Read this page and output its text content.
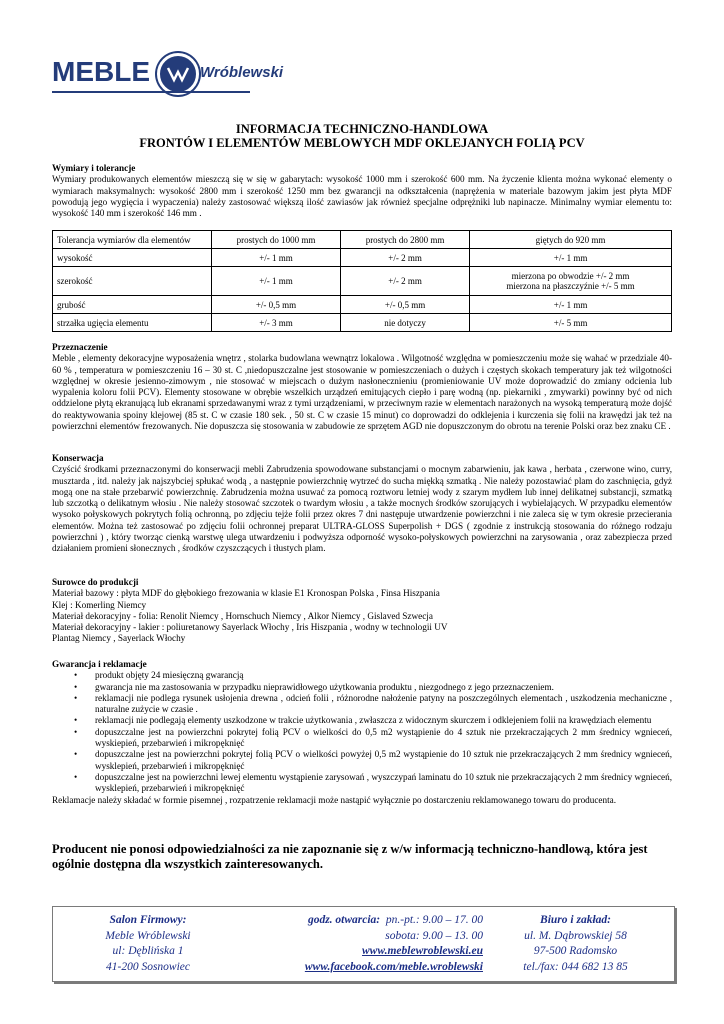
MEBLE	Wróblewski
INFORMACJA TECHNICZNO-HANDLOWA
FRONTÓW I ELEMENTÓW MEBLOWYCH MDF OKLEJANYCH FOLIĄ PCV
Wymiary i tolerancje
Wymiary produkowanych elementów mieszczą się w się w gabarytach: wysokość 1000 mm i szerokość 600 mm. Na życzenie klienta można wykonać elementy o wymiarach maksymalnych: wysokość 2800 mm i szerokość 1250 mm bez gwarancji na odkształcenia (naprężenia w materiale bazowym jakim jest płyta MDF powodują jego wygięcia i wypaczenia) należy zastosować większą ilość zawiasów jak również specjalne odprężniki lub napinacze. Minimalny wymiar elementu to: wysokość 140 mm i szerokość 146 mm .
Tolerancja wymiarów dla elementów	prostych do 1000 mm	prostych do 2800 mm	giętych do 920 mm
wysokość	+/- 1 mm	+/- 2 mm	+/- 1 mm
szerokość	+/- 1 mm	+/- 2 mm	mierzona po obwodzie +/- 2 mm
mierzona na płaszczyźnie +/- 5 mm

grubość	+/- 0,5 mm	+/- 0,5 mm	+/- 1 mm
strzałka ugięcia elementu	+/- 3 mm	nie dotyczy	+/- 5 mm
Przeznaczenie
Meble , elementy dekoracyjne wyposażenia wnętrz , stolarka budowlana wewnątrz lokalowa . Wilgotność względna w pomieszczeniu może się wahać w przedziale 40-60 % , temperatura w pomieszczeniu 16 – 30 st. C ,niedopuszczalne jest stosowanie w pomieszczeniach o dużych i częstych skokach temperatury jak też wilgotności względnej w okresie jesienno-zimowym , nie stosować w miejscach o dużym nasłonecznieniu (promieniowanie UV może doprowadzić do zmiany odcienia lub wypalenia koloru folii PCV). Elementy stosowane w obrębie wszelkich urządzeń emitujących ciepło i parę wodną (np. piekarniki , zmywarki) powinny być od nich oddzielone płytą ekranującą lub ekranami sprzedawanymi wraz z tymi urządzeniami, w przeciwnym razie w elementach narażonych na wysoką temperaturą może dojść do reaktywowania spoiny klejowej (85 st. C w czasie 180 sek. , 50 st. C w czasie 15 minut) co doprowadzi do odklejenia i kurczenia się folii na krawędzi jak też na powierzchni elementów frezowanych. Nie dopuszcza się stosowania w zabudowie ze sprzętem AGD nie dopuszczonym do obrotu na terenie Polski oraz bez znaku CE .
Konserwacja
Czyścić środkami przeznaczonymi do konserwacji mebli Zabrudzenia spowodowane substancjami o mocnym zabarwieniu, jak kawa , herbata , czerwone wino, curry, musztarda , itd. należy jak najszybciej spłukać wodą , a następnie powierzchnię wytrzeć do sucha miękką szmatką . Nie należy pozostawiać plam do zaschnięcia, gdyż mogą one na stałe przebarwić powierzchnię. Zabrudzenia można usuwać za pomocą roztworu letniej wody z szarym mydłem lub innej delikatnej substancji, szmatką lub szczotką o delikatnym włosiu . Nie należy stosować szczotek o twardym włosiu , a także mocnych środków szorujących i wybielających. W przypadku elementów wysoko połyskowych pokrytych folią ochronną, po zdjęciu tejże folii przez okres 7 dni następuje utwardzenie powierzchni i nie zaleca się w tym okresie przecierania elementów. Można też zastosować po zdjęciu folii ochronnej preparat ULTRA-GLOSS Superpolish + DGS ( zgodnie z instrukcją stosowania do różnego rodzaju powierzchni ) , który tworząc cienką warstwę ulega utwardzeniu i podwyższa odporność wysoko-połyskowych powierzchni na zarysowania , oraz zabezpiecza przed działaniem promieni słonecznych , środków czyszczących i tłustych plam.
Surowce do produkcji
Materiał bazowy : płyta MDF do głębokiego frezowania w klasie E1 Kronospan Polska , Finsa Hiszpania
Klej : Komerling Niemcy
Materiał dekoracyjny - folia: Renolit Niemcy , Hornschuch Niemcy , Alkor Niemcy , Gislaved Szwecja
Materiał dekoracyjny - lakier : poliuretanowy Sayerlack Włochy , Iris Hiszpania , wodny w technologii UV
Plantag Niemcy , Sayerlack Włochy
Gwarancja i reklamacje
• produkt objęty 24 miesięczną gwarancją
• gwarancja nie ma zastosowania w przypadku nieprawidłowego użytkowania produktu , niezgodnego z jego przeznaczeniem.
• reklamacji nie podlega rysunek usłojenia drewna , odcień folii , różnorodne nałożenie patyny na poszczególnych elementach , uszkodzenia mechaniczne , naturalne zużycie w czasie .
• reklamacji nie podlegają elementy uszkodzone w trakcie użytkowania , zwłaszcza z widocznym skurczem i odklejeniem folii na krawędziach elementu
• dopuszczalne jest na powierzchni pokrytej folią PCV o wielkości do 0,5 m2 wystąpienie do 4 sztuk nie przekraczających 2 mm średnicy wgnieceń, wyskiepień, przebarwień i mikropęknięć
• dopuszczalne jest na powierzchni pokrytej folią PCV o wielkości powyżej 0,5 m2 wystąpienie do 10 sztuk nie przekraczających 2 mm średnicy wgnieceń, wysklepień, przebarwień i mikropęknięć
• dopuszczalne jest na powierzchni lewej elementu wystąpienie zarysowań , wyszczypań laminatu do 10 sztuk nie przekraczających 2 mm średnicy wgnieceń, wysklepień, przebarwień i mikropęknięć
Reklamacje należy składać w formie pisemnej , rozpatrzenie reklamacji może nastąpić wyłącznie po dostarczeniu reklamowanego towaru do producenta.
Producent nie ponosi odpowiedzialności za nie zapoznanie się z w/w informacją techniczno-handlową, która jest ogólnie dostępna dla wszystkich zainteresowanych.
Salon Firmowy:
Meble Wróblewski
ul: Dęblińska 1
41-200 Sosnowiec
godz. otwarcia: pn.-pt.: 9.00 – 17. 00
sobota: 9.00 – 13. 00
www.meblewroblewski.eu
www.facebook.com/meble.wroblewski
Biuro i zakład:
ul. M. Dąbrowskiej 58
97-500 Radomsko
tel./fax: 044 682 13 85
